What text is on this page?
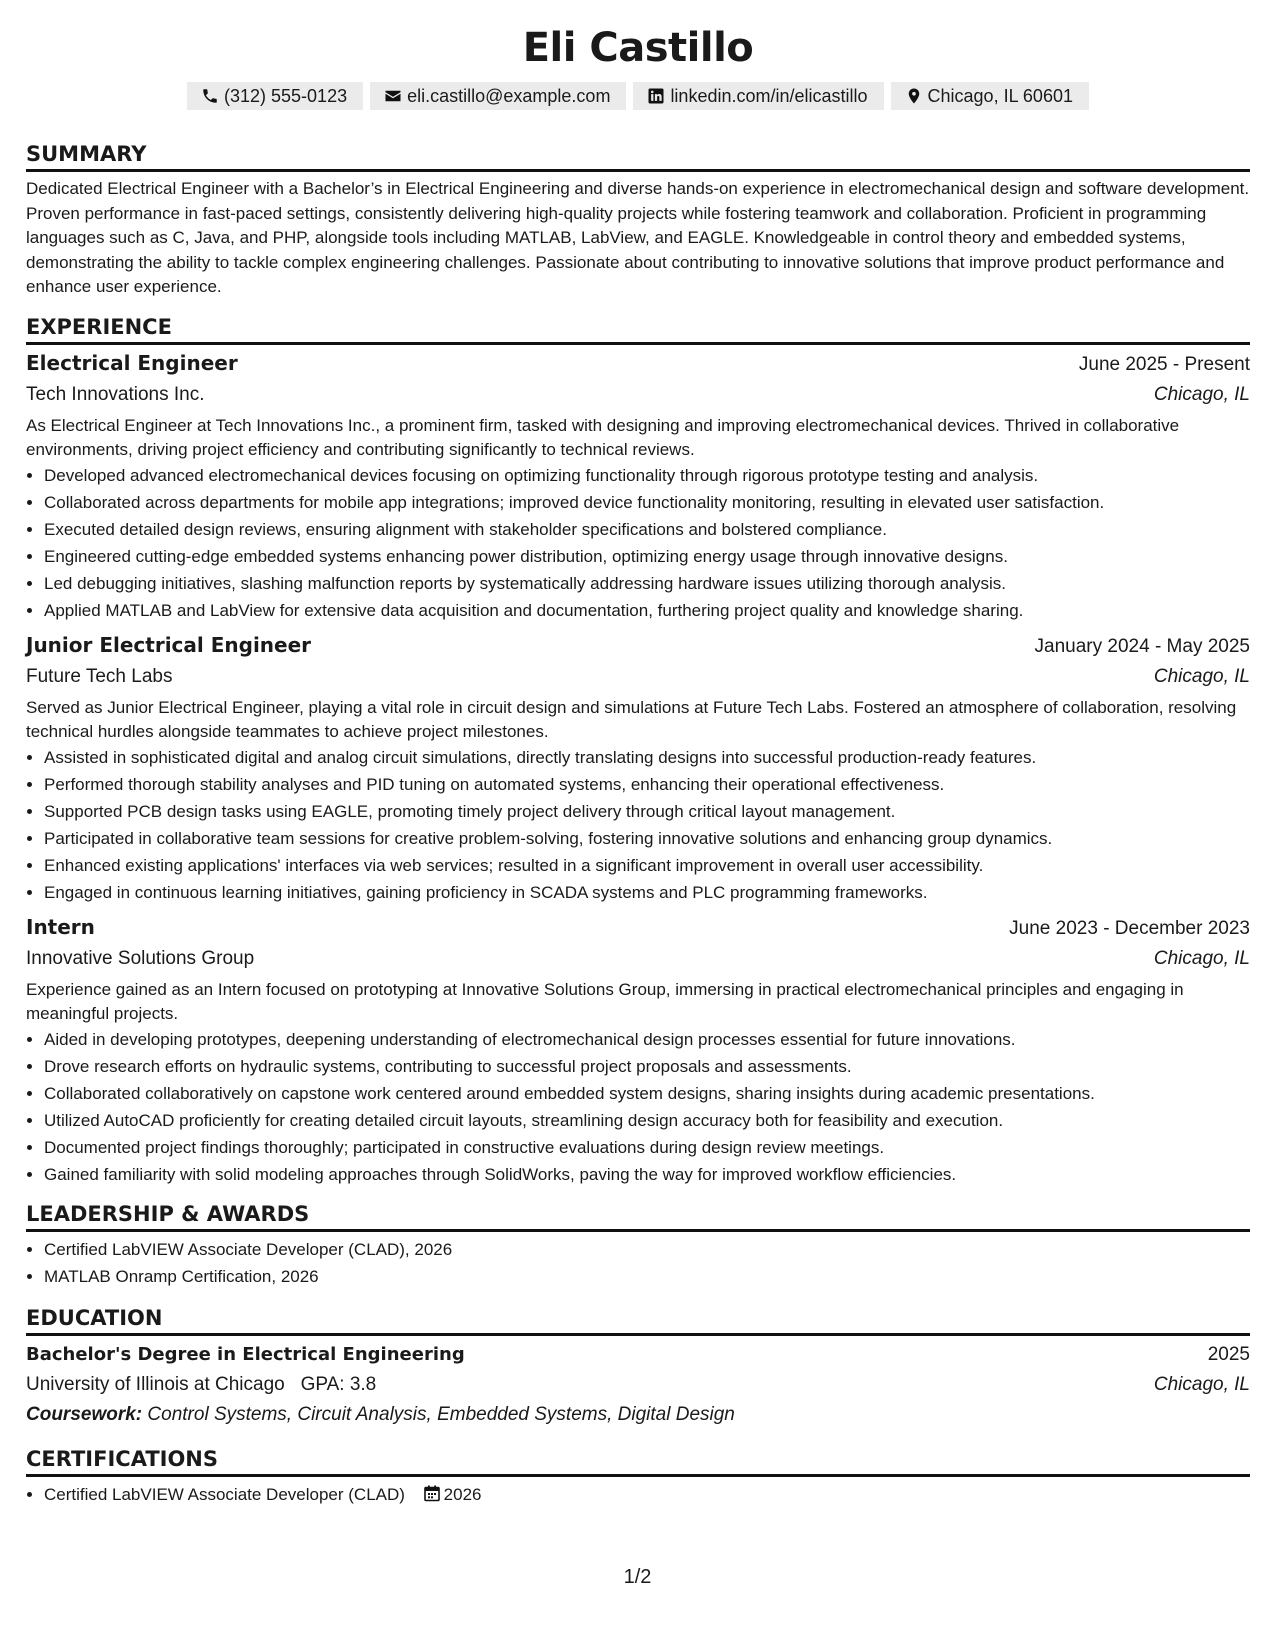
Eli Castillo
(312) 555-0123	eli.castillo@example.com	linkedin.com/in/elicastillo	Chicago, IL 60601
SUMMARY

Dedicated Electrical Engineer with a Bachelor’s in Electrical Engineering and diverse hands-on experience in electromechanical design and software development. Proven performance in fast-paced settings, consistently delivering high-quality projects while fostering teamwork and collaboration. Proficient in programming languages such as C, Java, and PHP, alongside tools including MATLAB, LabView, and EAGLE. Knowledgeable in control theory and embedded systems, demonstrating the ability to tackle complex engineering challenges. Passionate about contributing to innovative solutions that improve product performance and enhance user experience.

EXPERIENCE
Electrical Engineer	June 2025 - Present
Tech Innovations Inc.	Chicago, IL

As Electrical Engineer at Tech Innovations Inc., a prominent firm, tasked with designing and improving electromechanical devices. Thrived in collaborative environments, driving project efficiency and contributing significantly to technical reviews.

• Developed advanced electromechanical devices focusing on optimizing functionality through rigorous prototype testing and analysis.
• Collaborated across departments for mobile app integrations; improved device functionality monitoring, resulting in elevated user satisfaction.
• Executed detailed design reviews, ensuring alignment with stakeholder specifications and bolstered compliance.
• Engineered cutting-edge embedded systems enhancing power distribution, optimizing energy usage through innovative designs.
• Led debugging initiatives, slashing malfunction reports by systematically addressing hardware issues utilizing thorough analysis.
• Applied MATLAB and LabView for extensive data acquisition and documentation, furthering project quality and knowledge sharing.
Junior Electrical Engineer	January 2024 - May 2025
Future Tech Labs	Chicago, IL

Served as Junior Electrical Engineer, playing a vital role in circuit design and simulations at Future Tech Labs. Fostered an atmosphere of collaboration, resolving technical hurdles alongside teammates to achieve project milestones.

• Assisted in sophisticated digital and analog circuit simulations, directly translating designs into successful production-ready features.
• Performed thorough stability analyses and PID tuning on automated systems, enhancing their operational effectiveness.
• Supported PCB design tasks using EAGLE, promoting timely project delivery through critical layout management.
• Participated in collaborative team sessions for creative problem-solving, fostering innovative solutions and enhancing group dynamics.
• Enhanced existing applications' interfaces via web services; resulted in a significant improvement in overall user accessibility.
• Engaged in continuous learning initiatives, gaining proficiency in SCADA systems and PLC programming frameworks.
Intern	June 2023 - December 2023
Innovative Solutions Group	Chicago, IL

Experience gained as an Intern focused on prototyping at Innovative Solutions Group, immersing in practical electromechanical principles and engaging in meaningful projects.

• Aided in developing prototypes, deepening understanding of electromechanical design processes essential for future innovations.
• Drove research efforts on hydraulic systems, contributing to successful project proposals and assessments.
• Collaborated collaboratively on capstone work centered around embedded system designs, sharing insights during academic presentations.
• Utilized AutoCAD proficiently for creating detailed circuit layouts, streamlining design accuracy both for feasibility and execution.
• Documented project findings thoroughly; participated in constructive evaluations during design review meetings.
• Gained familiarity with solid modeling approaches through SolidWorks, paving the way for improved workflow efficiencies.
LEADERSHIP & AWARDS
• Certified LabVIEW Associate Developer (CLAD), 2026
• MATLAB Onramp Certification, 2026
EDUCATION
Bachelor's Degree in Electrical Engineering	2025
University of Illinois at Chicago GPA: 3.8	Chicago, IL
Coursework: Control Systems, Circuit Analysis, Embedded Systems, Digital Design
CERTIFICATIONS
• Certified LabVIEW Associate Developer (CLAD) 2026
1/2
